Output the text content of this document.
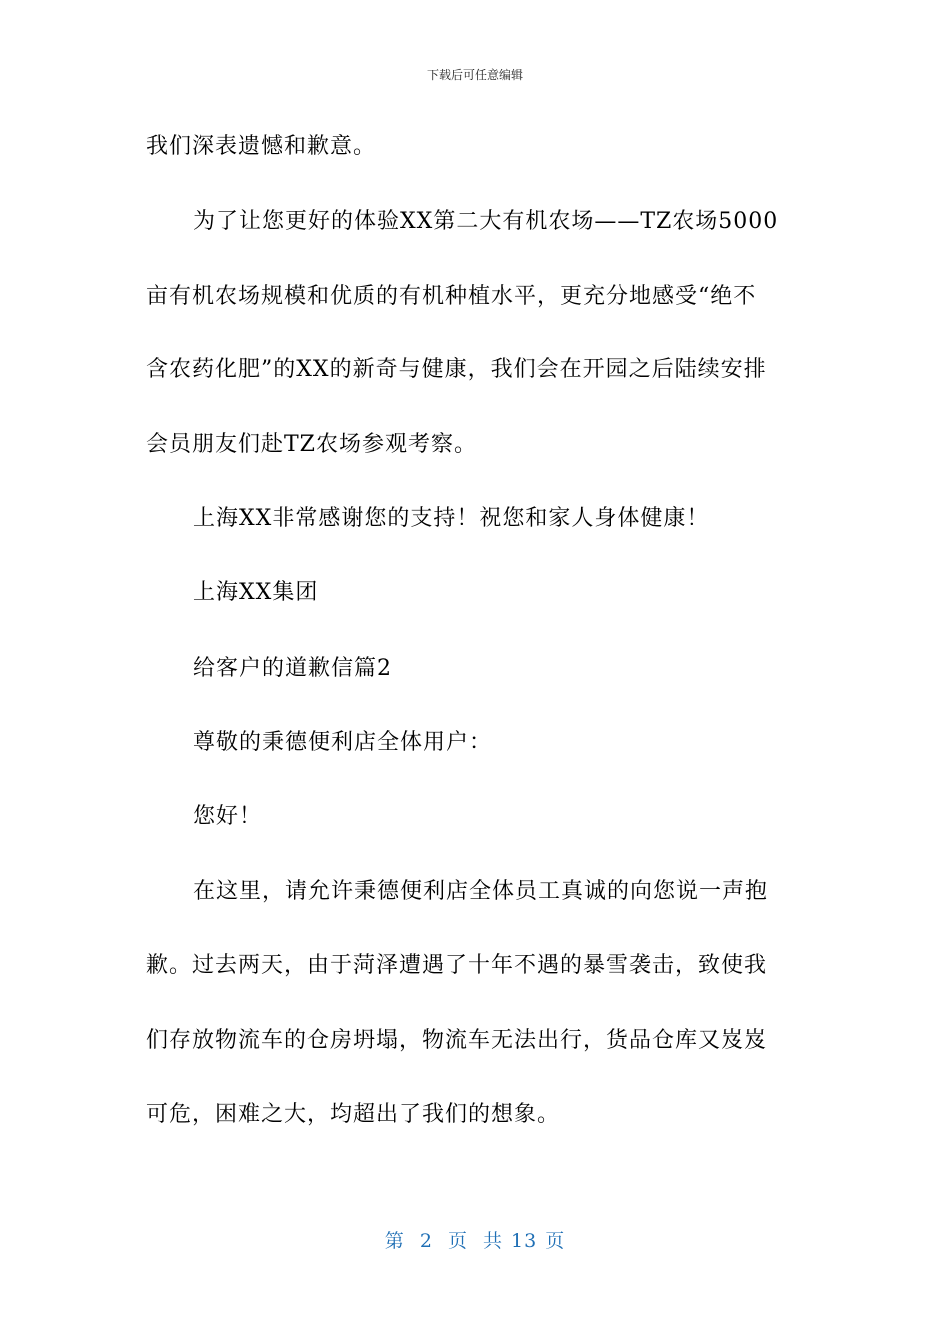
下载后可任意编辑
我们深表遗憾和歉意。
为了让您更好的体验XX第二大有机农场——TZ农场5000
亩有机农场规模和优质的有机种植水平，更充分地感受“绝不
含农药化肥”的XX的新奇与健康，我们会在开园之后陆续安排
会员朋友们赴TZ农场参观考察。
上海XX非常感谢您的支持！祝您和家人身体健康！
上海XX集团
给客户的道歉信篇2
尊敬的秉德便利店全体用户：
您好！
在这里，请允许秉德便利店全体员工真诚的向您说一声抱
歉。过去两天，由于菏泽遭遇了十年不遇的暴雪袭击，致使我
们存放物流车的仓房坍塌，物流车无法出行，货品仓库又岌岌
可危，困难之大，均超出了我们的想象。
第 2 页 共 13 页
